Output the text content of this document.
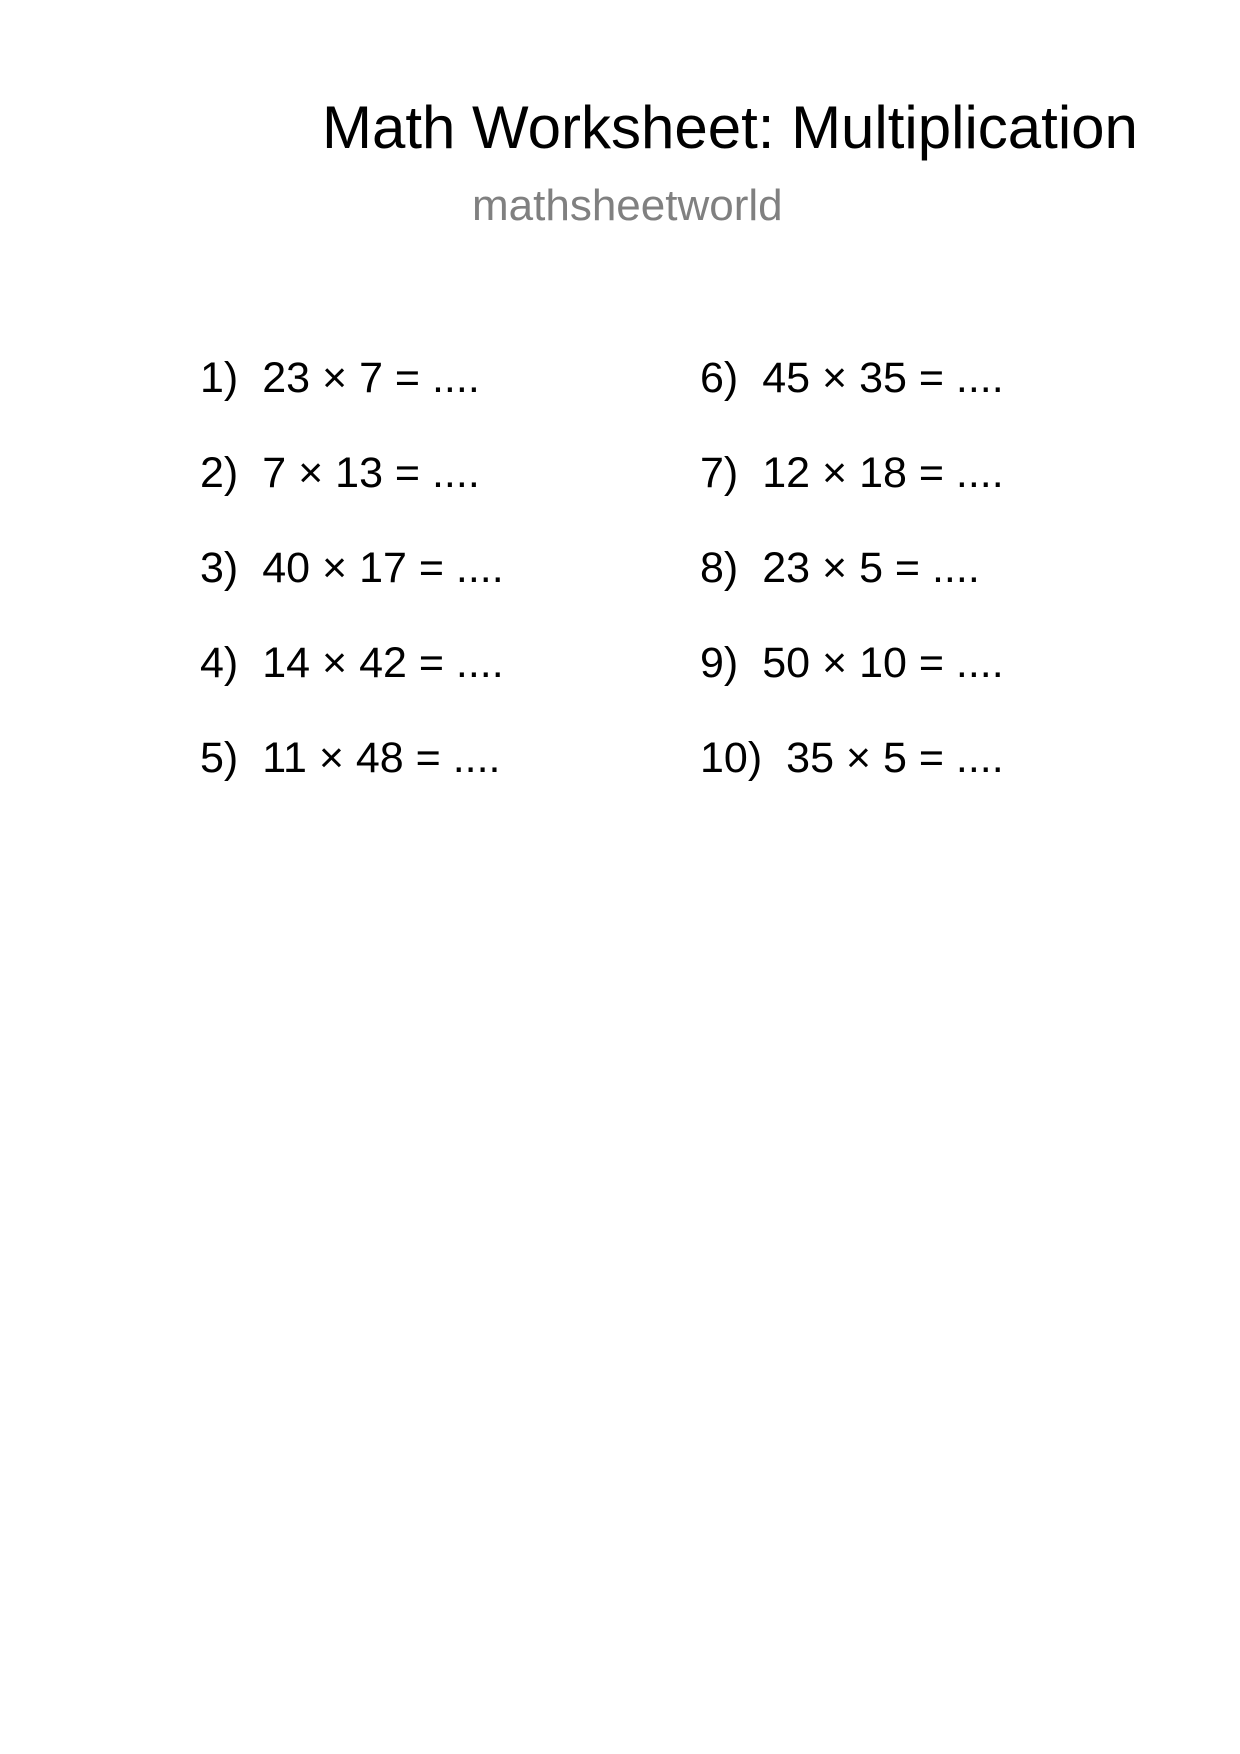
Math Worksheet: Multiplication
mathsheetworld
1) 23 × 7 = ....
2) 7 × 13 = ....
3) 40 × 17 = ....
4) 14 × 42 = ....
5) 11 × 48 = ....
6) 45 × 35 = ....
7) 12 × 18 = ....
8) 23 × 5 = ....
9) 50 × 10 = ....
10) 35 × 5 = ....
